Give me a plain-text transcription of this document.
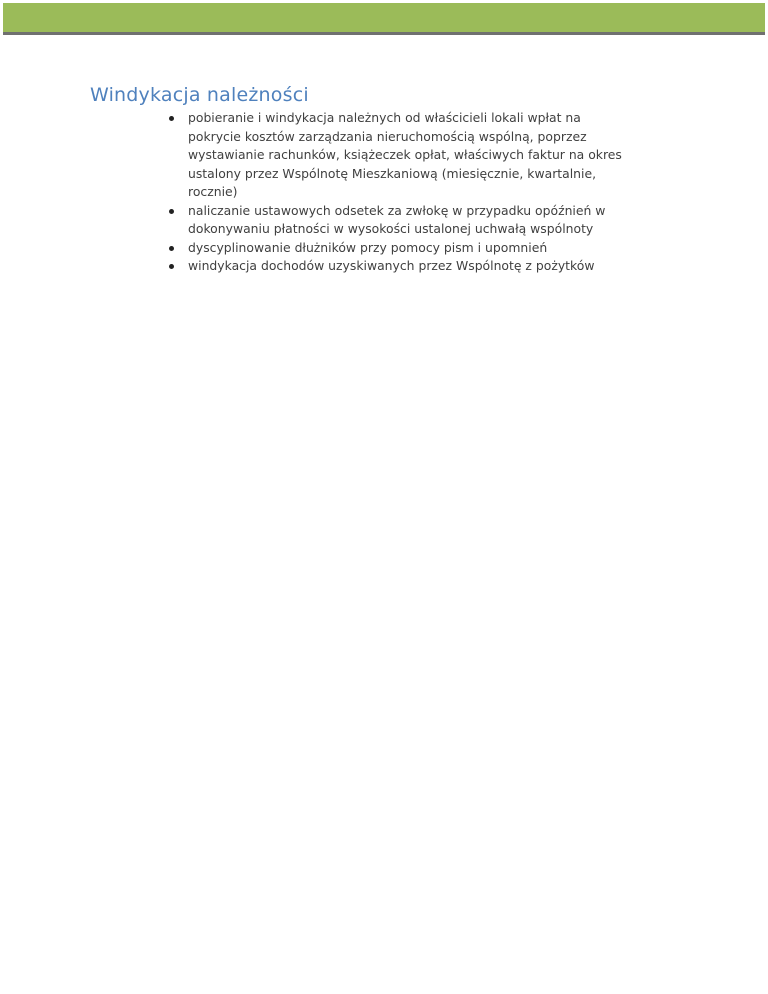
Windykacja należności
pobieranie i windykacja należnych od właścicieli lokali wpłat na pokrycie kosztów zarządzania nieruchomością wspólną, poprzez wystawianie rachunków, książeczek opłat, właściwych faktur na okres ustalony przez Wspólnotę Mieszkaniową (miesięcznie, kwartalnie, rocznie)
naliczanie ustawowych odsetek za zwłokę w przypadku opóźnień w dokonywaniu płatności w wysokości ustalonej uchwałą wspólnoty
dyscyplinowanie dłużników przy pomocy pism i upomnień
windykacja dochodów uzyskiwanych przez Wspólnotę z pożytków
